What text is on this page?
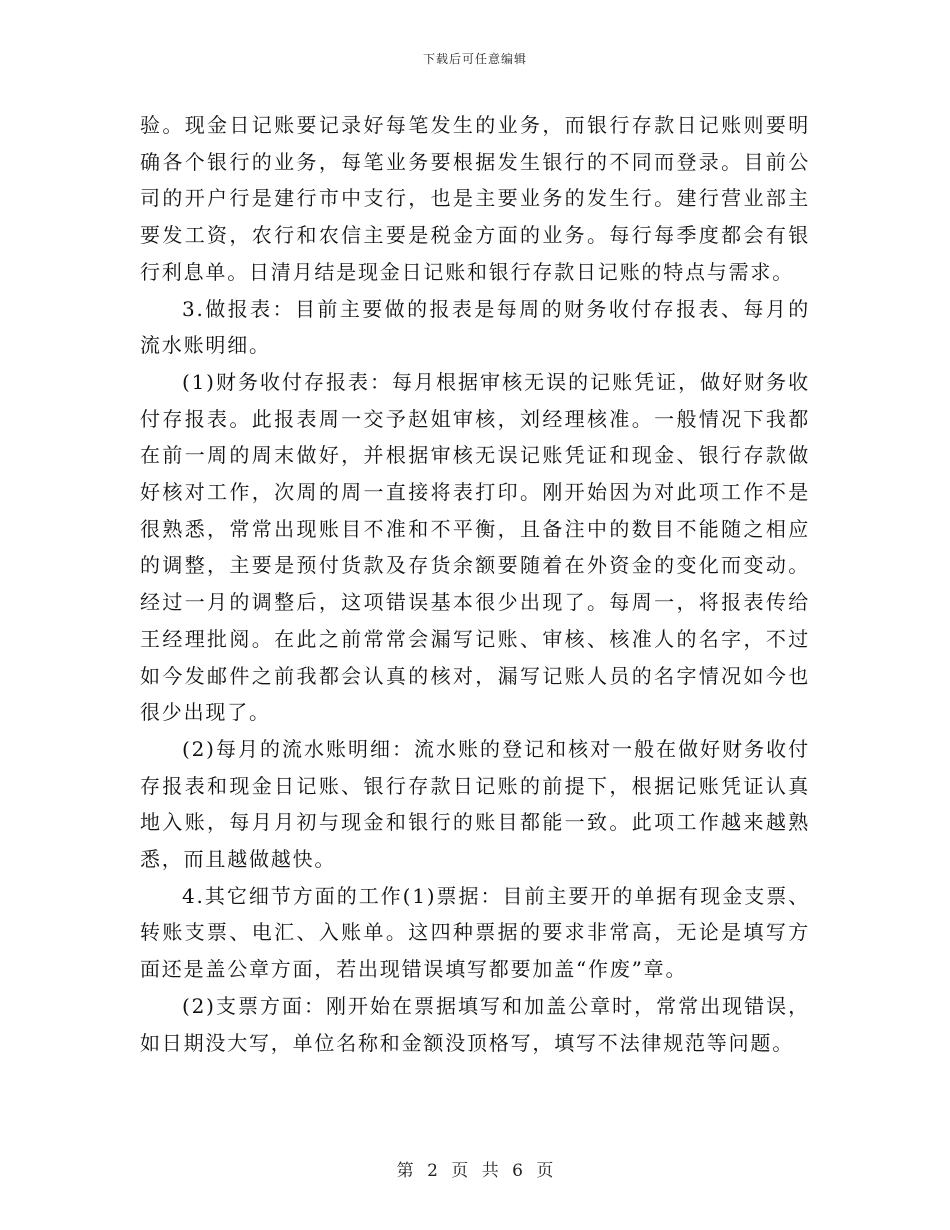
下载后可任意编辑

验。现金日记账要记录好每笔发生的业务，而银行存款日记账则要明确各个银行的业务，每笔业务要根据发生银行的不同而登录。目前公司的开户行是建行市中支行，也是主要业务的发生行。建行营业部主要发工资，农行和农信主要是税金方面的业务。每行每季度都会有银行利息单。日清月结是现金日记账和银行存款日记账的特点与需求。

3.做报表：目前主要做的报表是每周的财务收付存报表、每月的流水账明细。

(1)财务收付存报表：每月根据审核无误的记账凭证，做好财务收付存报表。此报表周一交予赵姐审核，刘经理核准。一般情况下我都在前一周的周末做好，并根据审核无误记账凭证和现金、银行存款做好核对工作，次周的周一直接将表打印。刚开始因为对此项工作不是很熟悉，常常出现账目不准和不平衡，且备注中的数目不能随之相应的调整，主要是预付货款及存货余额要随着在外资金的变化而变动。经过一月的调整后，这项错误基本很少出现了。每周一，将报表传给王经理批阅。在此之前常常会漏写记账、审核、核准人的名字，不过如今发邮件之前我都会认真的核对，漏写记账人员的名字情况如今也很少出现了。

(2)每月的流水账明细：流水账的登记和核对一般在做好财务收付存报表和现金日记账、银行存款日记账的前提下，根据记账凭证认真地入账，每月月初与现金和银行的账目都能一致。此项工作越来越熟悉，而且越做越快。

4.其它细节方面的工作(1)票据：目前主要开的单据有现金支票、转账支票、电汇、入账单。这四种票据的要求非常高，无论是填写方面还是盖公章方面，若出现错误填写都要加盖“作废”章。

(2)支票方面：刚开始在票据填写和加盖公章时，常常出现错误，如日期没大写，单位名称和金额没顶格写，填写不法律规范等问题。

第 2 页 共 6 页
